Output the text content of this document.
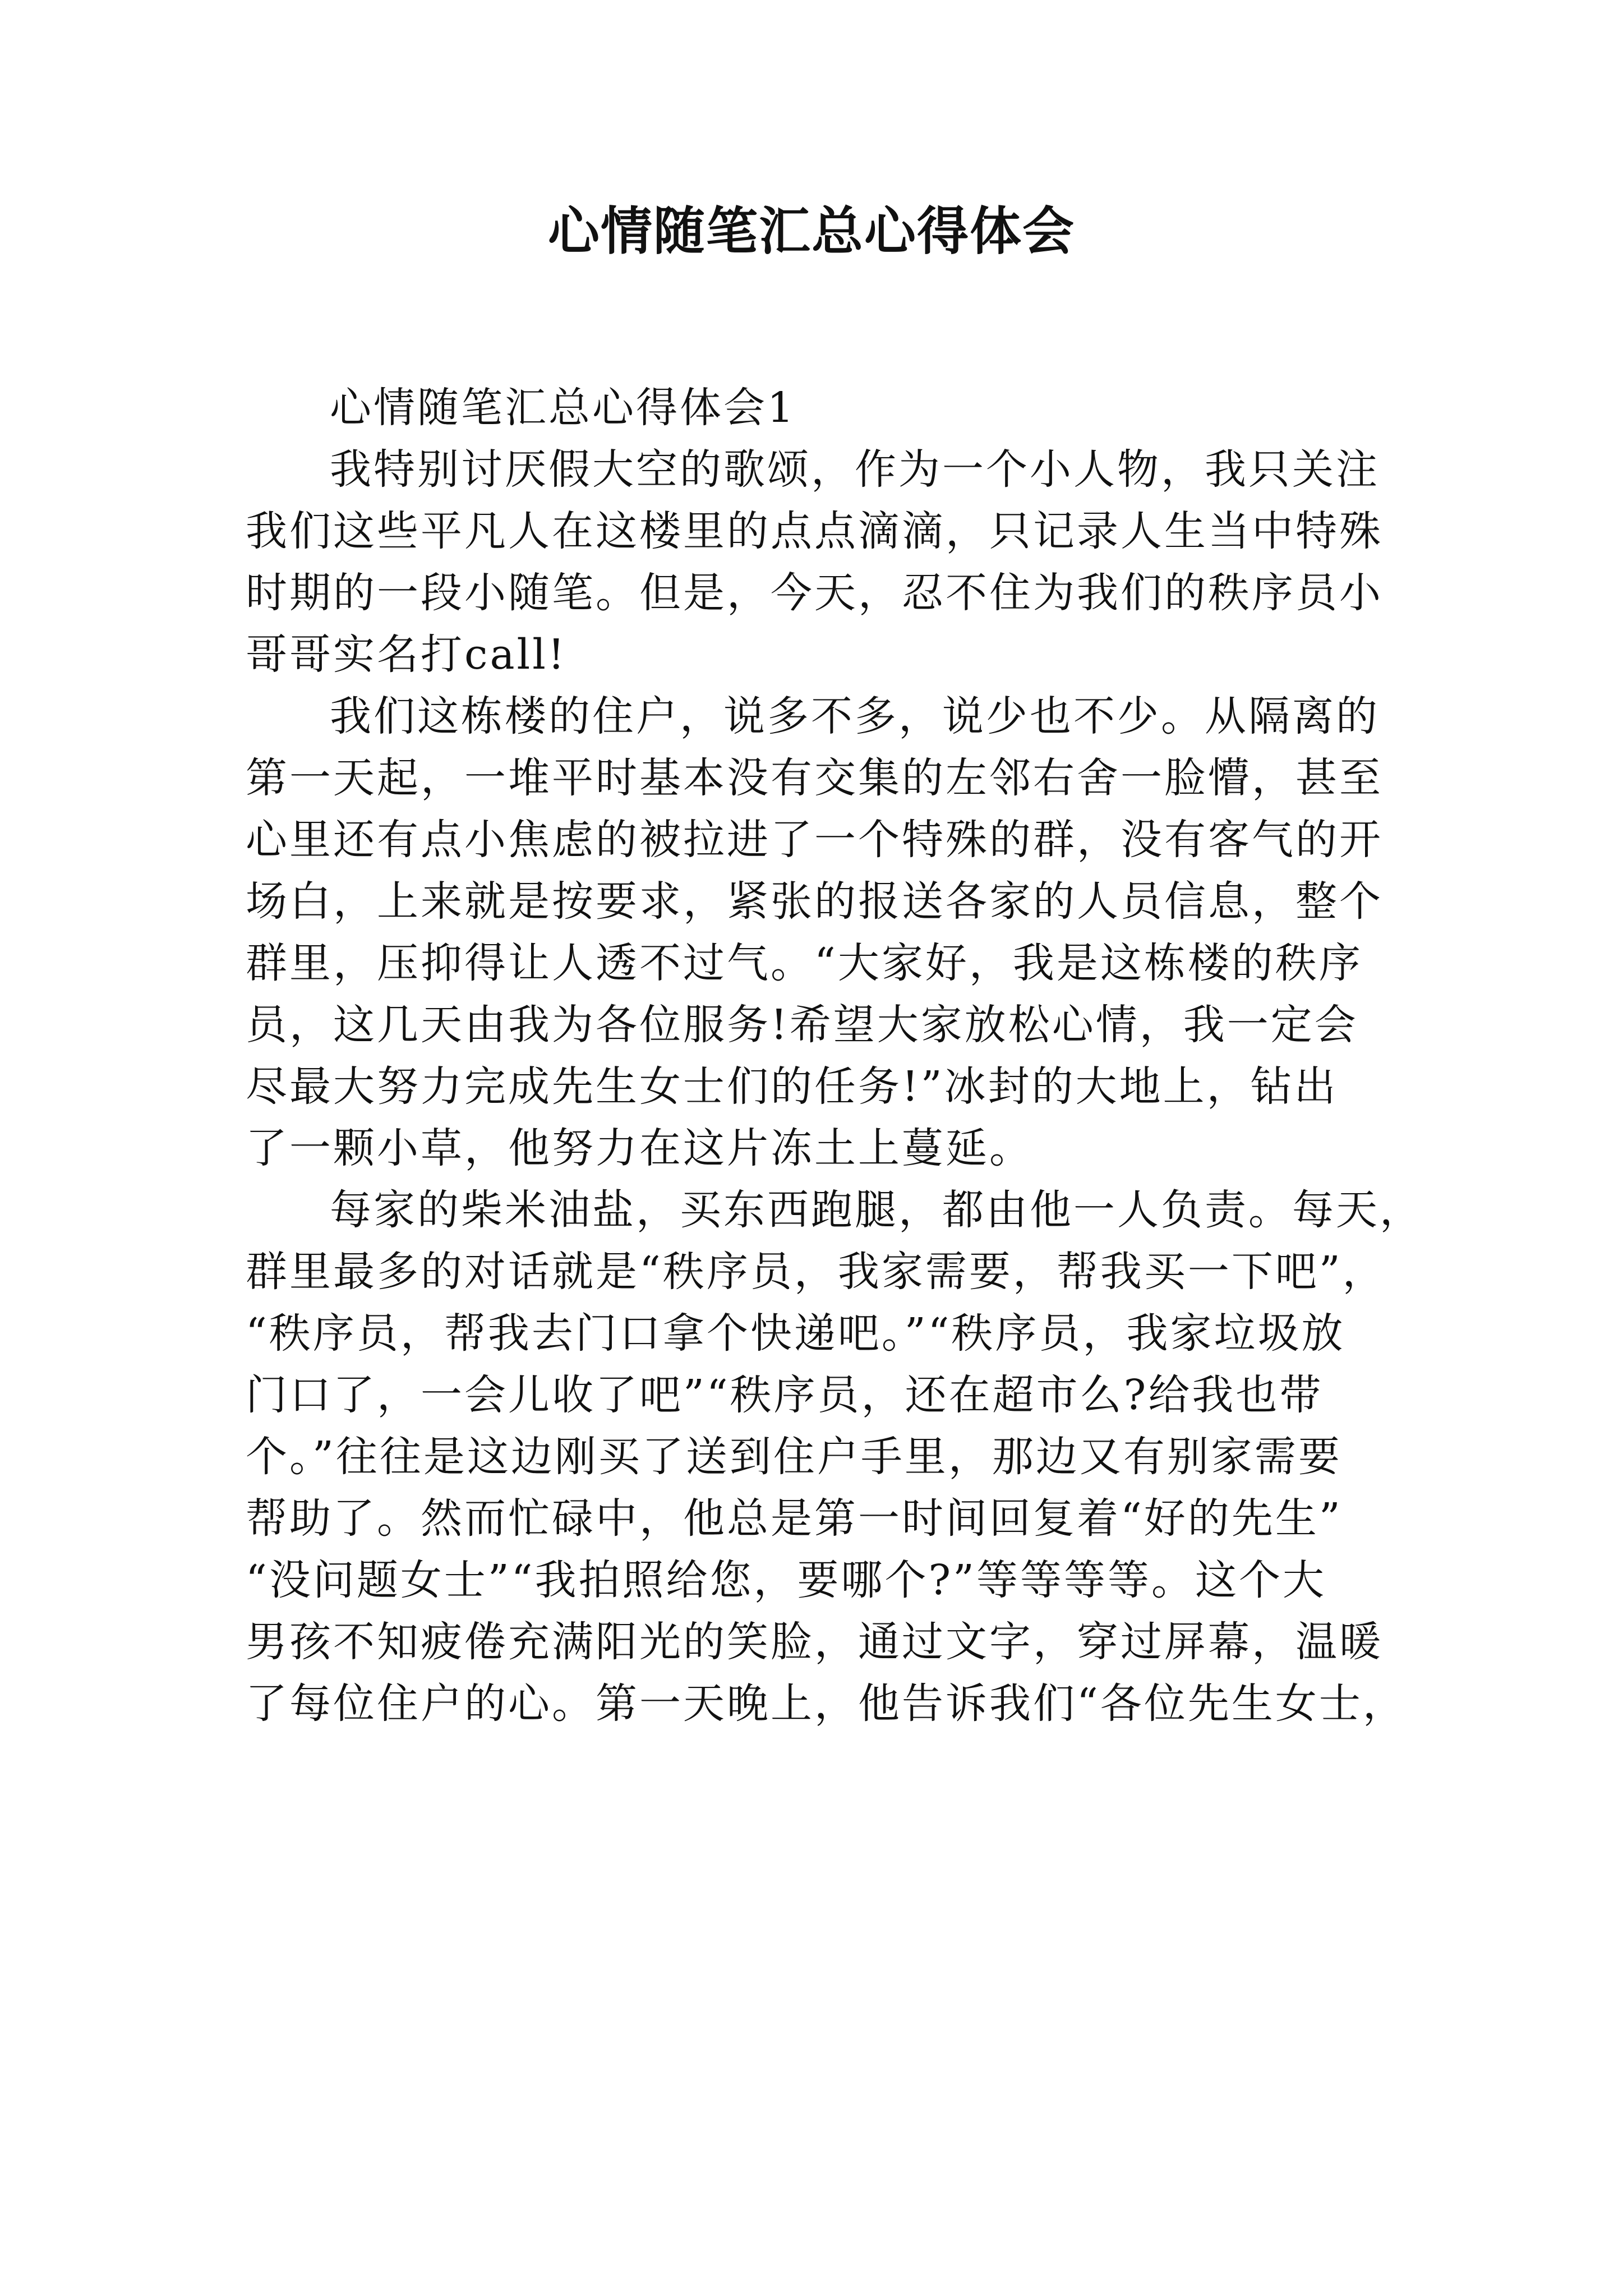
心情随笔汇总心得体会

心情随笔汇总心得体会1

我特别讨厌假大空的歌颂，作为一个小人物，我只关注
我们这些平凡人在这楼里的点点滴滴，只记录人生当中特殊
时期的一段小随笔。但是，今天，忍不住为我们的秩序员小
哥哥实名打call!

我们这栋楼的住户，说多不多，说少也不少。从隔离的
第一天起，一堆平时基本没有交集的左邻右舍一脸懵，甚至
心里还有点小焦虑的被拉进了一个特殊的群，没有客气的开
场白，上来就是按要求，紧张的报送各家的人员信息，整个
群里，压抑得让人透不过气。“大家好，我是这栋楼的秩序
员，这几天由我为各位服务!希望大家放松心情，我一定会
尽最大努力完成先生女士们的任务!”冰封的大地上，钻出
了一颗小草，他努力在这片冻土上蔓延。

每家的柴米油盐，买东西跑腿，都由他一人负责。每天，
群里最多的对话就是“秩序员，我家需要，帮我买一下吧”，
“秩序员，帮我去门口拿个快递吧。”“秩序员，我家垃圾放
门口了，一会儿收了吧”“秩序员，还在超市么?给我也带
个。”往往是这边刚买了送到住户手里，那边又有别家需要
帮助了。然而忙碌中，他总是第一时间回复着“好的先生”
“没问题女士”“我拍照给您，要哪个?”等等等等。这个大
男孩不知疲倦充满阳光的笑脸，通过文字，穿过屏幕，温暖
了每位住户的心。第一天晚上，他告诉我们“各位先生女士，
